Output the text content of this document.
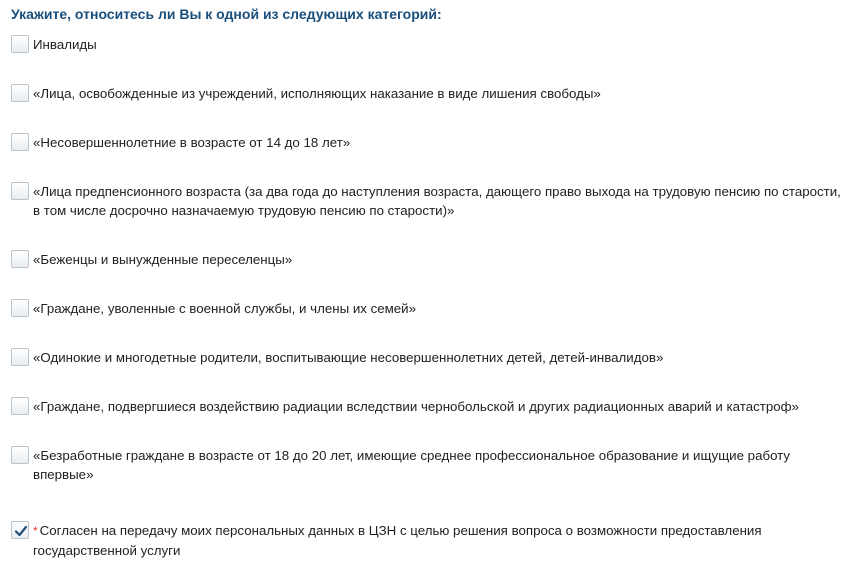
Укажите, относитесь ли Вы к одной из следующих категорий:
Инвалиды
«Лица, освобожденные из учреждений, исполняющих наказание в виде лишения свободы»
«Несовершеннолетние в возрасте от 14 до 18 лет»
«Лица предпенсионного возраста (за два года до наступления возраста, дающего право выхода на трудовую пенсию по старости, в том числе досрочно назначаемую трудовую пенсию по старости)»
«Беженцы и вынужденные переселенцы»
«Граждане, уволенные с военной службы, и члены их семей»
«Одинокие и многодетные родители, воспитывающие несовершеннолетних детей, детей-инвалидов»
«Граждане, подвергшиеся воздействию радиации вследствии чернобольской и других радиационных аварий и катастроф»
«Безработные граждане в возрасте от 18 до 20 лет, имеющие среднее профессиональное образование и ищущие работу впервые»
* Согласен на передачу моих персональных данных в ЦЗН с целью решения вопроса о возможности предоставления государственной услуги
